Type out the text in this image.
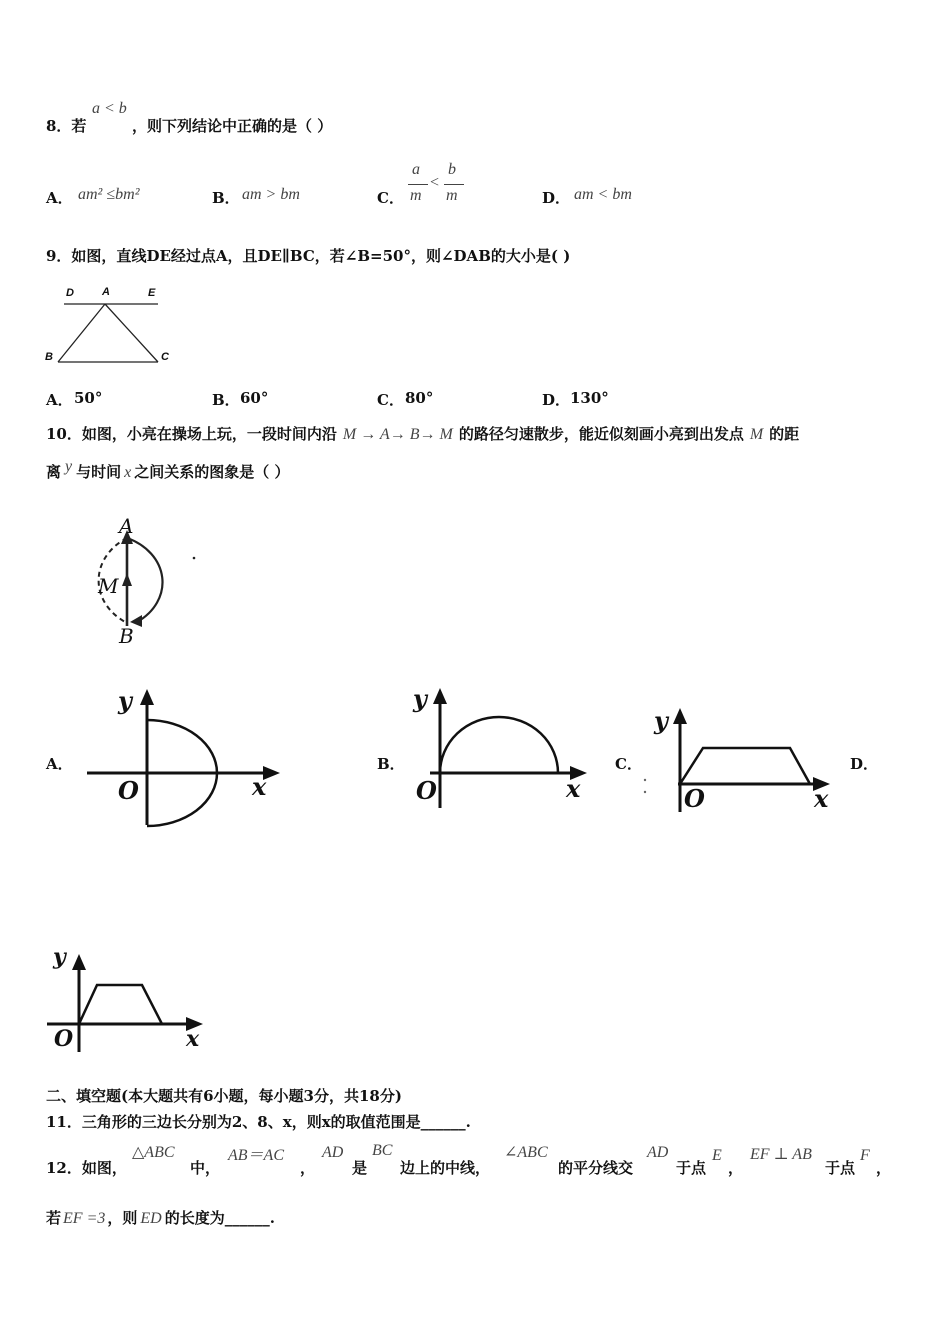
8．若
a < b
，则下列结论中正确的是（ ）
A． am² ≤bm²	B． am > bm	C．
a
m
<
b
m	D． am < bm
9．如图，直线DE经过点A，且DE∥BC，若∠B=50°，则∠DAB的大小是( )
D	A	E
B	C
A． 50°	B． 60°	C． 80°	D． 130°
10．如图，小亮在操场上玩，一段时间内沿 M → A→ B→ M 的路径匀速散步，能近似刻画小亮到出发点 M 的距
离 y 与时间 x 之间关系的图象是（ ）
A
M
B
A．
y
O	x
B．
y
O	x
C．
y
O	x
D．
y
O	x
二、填空题(本大题共有6小题，每小题3分，共18分)
11．三角形的三边长分别为2、8、x，则x的取值范围是______.
12．如图，
△ABC
中，
AB＝AC
，
AD
是
BC
边上的中线，
∠ABC
的平分线交
AD
于点
E
，
EF ⊥ AB
于点
F
，
若 EF =3 ，则 ED 的长度为______.
